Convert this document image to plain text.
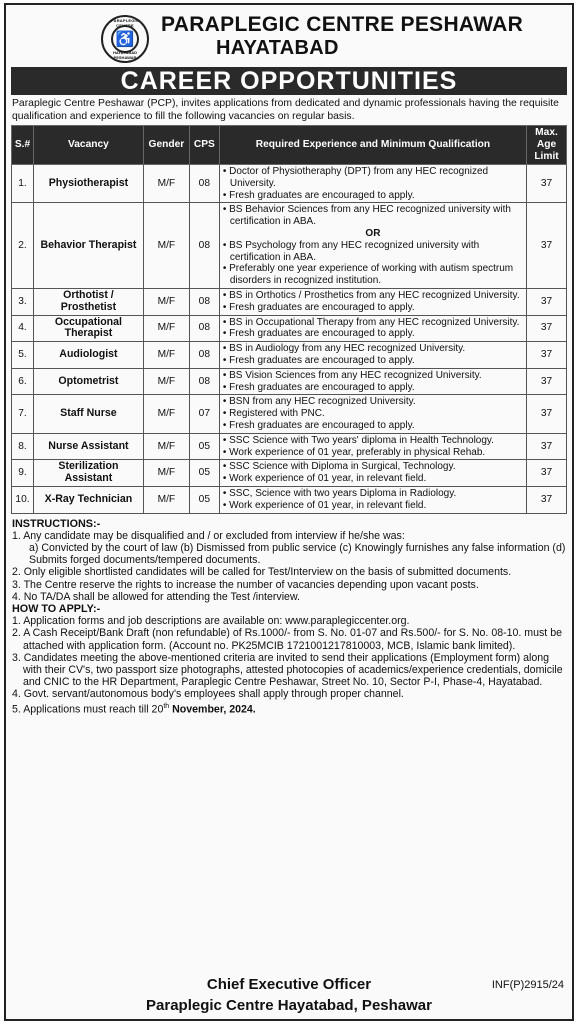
PARAPLEGIC CENTRE
♿
HAYATABAD PESHAWAR
PARAPLEGIC CENTRE PESHAWAR
HAYATABAD
CAREER OPPORTUNITIES
Paraplegic Centre Peshawar (PCP), invites applications from dedicated and dynamic professionals having the requisite qualification and experience to fill the following vacancies on regular basis.
S.#	Vacancy	Gender	CPS	Required Experience and Minimum Qualification	Max. Age Limit
1.	Physiotherapist	M/F	08	• Doctor of Physiotheraphy (DPT) from any HEC recognized University.
• Fresh graduates are encouraged to apply.	37
2.	Behavior Therapist	M/F	08	• BS Behavior Sciences from any HEC recognized university with certification in ABA.
OR
• BS Psychology from any HEC recognized university with certification in ABA.
• Preferably one year experience of working with autism spectrum disorders in recognized institution.	37
3.	Orthotist / Prosthetist	M/F	08	• BS in Orthotics / Prosthetics from any HEC recognized University.
• Fresh graduates are encouraged to apply.	37
4.	Occupational Therapist	M/F	08	• BS in Occupational Therapy from any HEC recognized University.
• Fresh graduates are encouraged to apply.	37
5.	Audiologist	M/F	08	• BS in Audiology from any HEC recognized University.
• Fresh graduates are encouraged to apply.	37
6.	Optometrist	M/F	08	• BS Vision Sciences from any HEC recognized University.
• Fresh graduates are encouraged to apply.	37
7.	Staff Nurse	M/F	07	• BSN from any HEC recognized University.
• Registered with PNC.
• Fresh graduates are encouraged to apply.	37
8.	Nurse Assistant	M/F	05	• SSC Science with Two years' diploma in Health Technology.
• Work experience of 01 year, preferably in physical Rehab.	37
9.	Sterilization Assistant	M/F	05	• SSC Science with Diploma in Surgical, Technology.
• Work experience of 01 year, in relevant field.	37
10.	X-Ray Technician	M/F	05	• SSC, Science with two years Diploma in Radiology.
• Work experience of 01 year, in relevant field.	37
INSTRUCTIONS:-
1. Any candidate may be disqualified and / or excluded from interview if he/she was:
a) Convicted by the court of law (b) Dismissed from public service (c) Knowingly furnishes any false information (d) Submits forged documents/tempered documents.
2. Only eligible shortlisted candidates will be called for Test/Interview on the basis of submitted documents.
3. The Centre reserve the rights to increase the number of vacancies depending upon vacant posts.
4. No TA/DA shall be allowed for attending the Test /interview.
HOW TO APPLY:-
1. Application forms and job descriptions are available on: www.paraplegiccenter.org.
2. A Cash Receipt/Bank Draft (non refundable) of Rs.1000/- from S. No. 01-07 and Rs.500/- for S. No. 08-10. must be attached with application form. (Account no. PK25MCIB 1721001217810003, MCB, Islamic bank limited).
3. Candidates meeting the above-mentioned criteria are invited to send their applications (Employment form) along with their CV's, two passport size photographs, attested photocopies of academics/experience credentials, domicile and CNIC to the HR Department, Paraplegic Centre Peshawar, Street No. 10, Sector P-I, Phase-4, Hayatabad.
4. Govt. servant/autonomous body's employees shall apply through proper channel.
5. Applications must reach till 20th November, 2024.
INF(P)2915/24
Chief Executive Officer
Paraplegic Centre Hayatabad, Peshawar
